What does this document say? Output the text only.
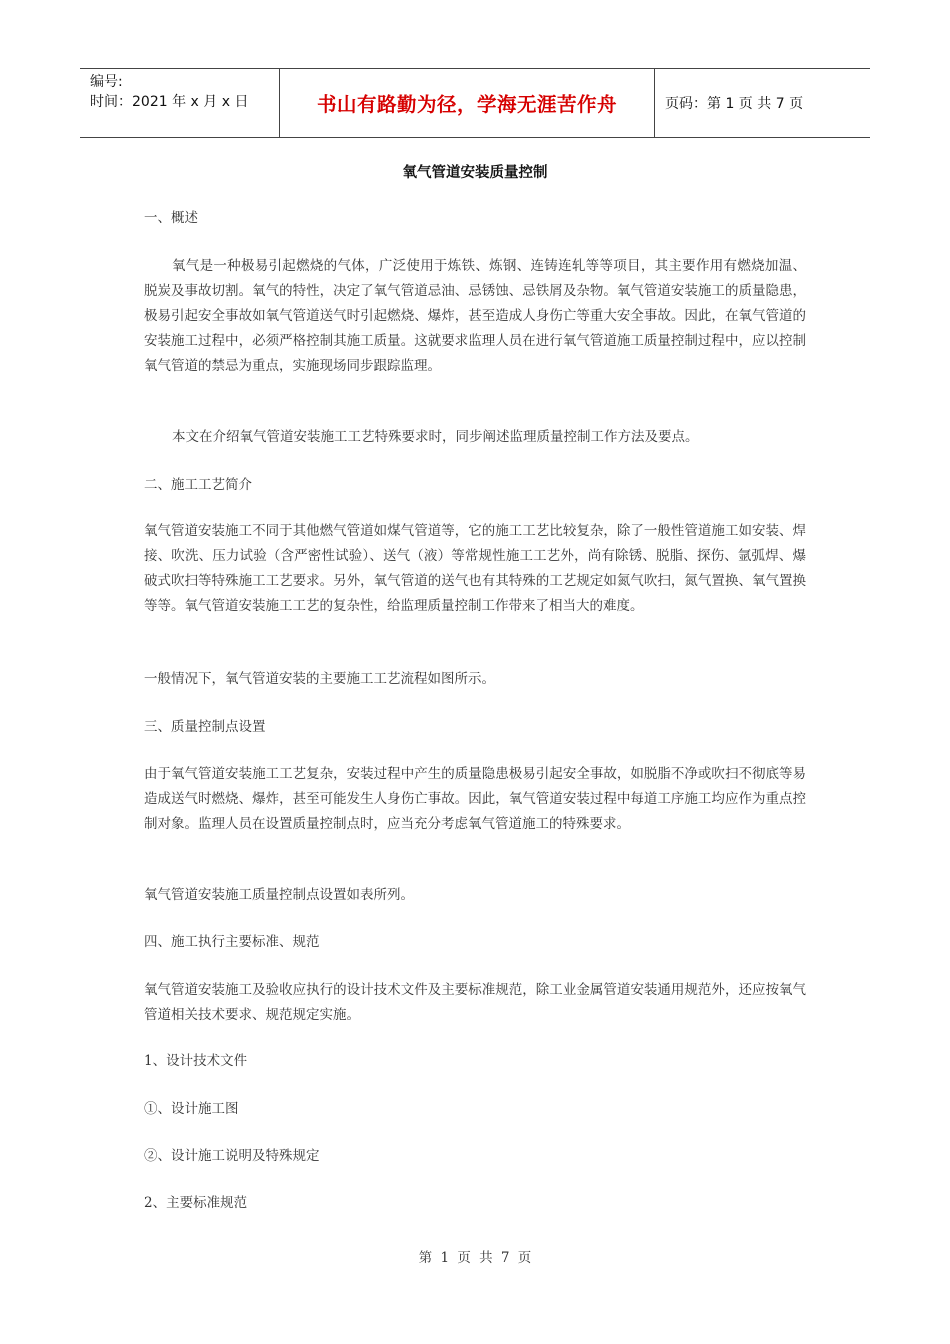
编号:
时间：2021 年 x 月 x 日	书山有路勤为径，学海无涯苦作舟	页码：第 1 页 共 7 页
氧气管道安装质量控制

一、概述

氧气是一种极易引起燃烧的气体，广泛使用于炼铁、炼钢、连铸连轧等等项目，其主要作用有燃烧加温、脱炭及事故切割。氧气的特性，决定了氧气管道忌油、忌锈蚀、忌铁屑及杂物。氧气管道安装施工的质量隐患，极易引起安全事故如氧气管道送气时引起燃烧、爆炸，甚至造成人身伤亡等重大安全事故。因此，在氧气管道的安装施工过程中，必须严格控制其施工质量。这就要求监理人员在进行氧气管道施工质量控制过程中，应以控制氧气管道的禁忌为重点，实施现场同步跟踪监理。

本文在介绍氧气管道安装施工工艺特殊要求时，同步阐述监理质量控制工作方法及要点。

二、施工工艺简介

氧气管道安装施工不同于其他燃气管道如煤气管道等，它的施工工艺比较复杂，除了一般性管道施工如安装、焊接、吹洗、压力试验（含严密性试验）、送气（液）等常规性施工工艺外，尚有除锈、脱脂、探伤、氩弧焊、爆破式吹扫等特殊施工工艺要求。另外，氧气管道的送气也有其特殊的工艺规定如氮气吹扫，氮气置换、氧气置换等等。氧气管道安装施工工艺的复杂性，给监理质量控制工作带来了相当大的难度。

一般情况下，氧气管道安装的主要施工工艺流程如图所示。

三、质量控制点设置

由于氧气管道安装施工工艺复杂，安装过程中产生的质量隐患极易引起安全事故，如脱脂不净或吹扫不彻底等易造成送气时燃烧、爆炸，甚至可能发生人身伤亡事故。因此，氧气管道安装过程中每道工序施工均应作为重点控制对象。监理人员在设置质量控制点时，应当充分考虑氧气管道施工的特殊要求。

氧气管道安装施工质量控制点设置如表所列。

四、施工执行主要标准、规范

氧气管道安装施工及验收应执行的设计技术文件及主要标准规范，除工业金属管道安装通用规范外，还应按氧气管道相关技术要求、规范规定实施。

1、设计技术文件

①、设计施工图

②、设计施工说明及特殊规定

2、主要标准规范

第 1 页 共 7 页
